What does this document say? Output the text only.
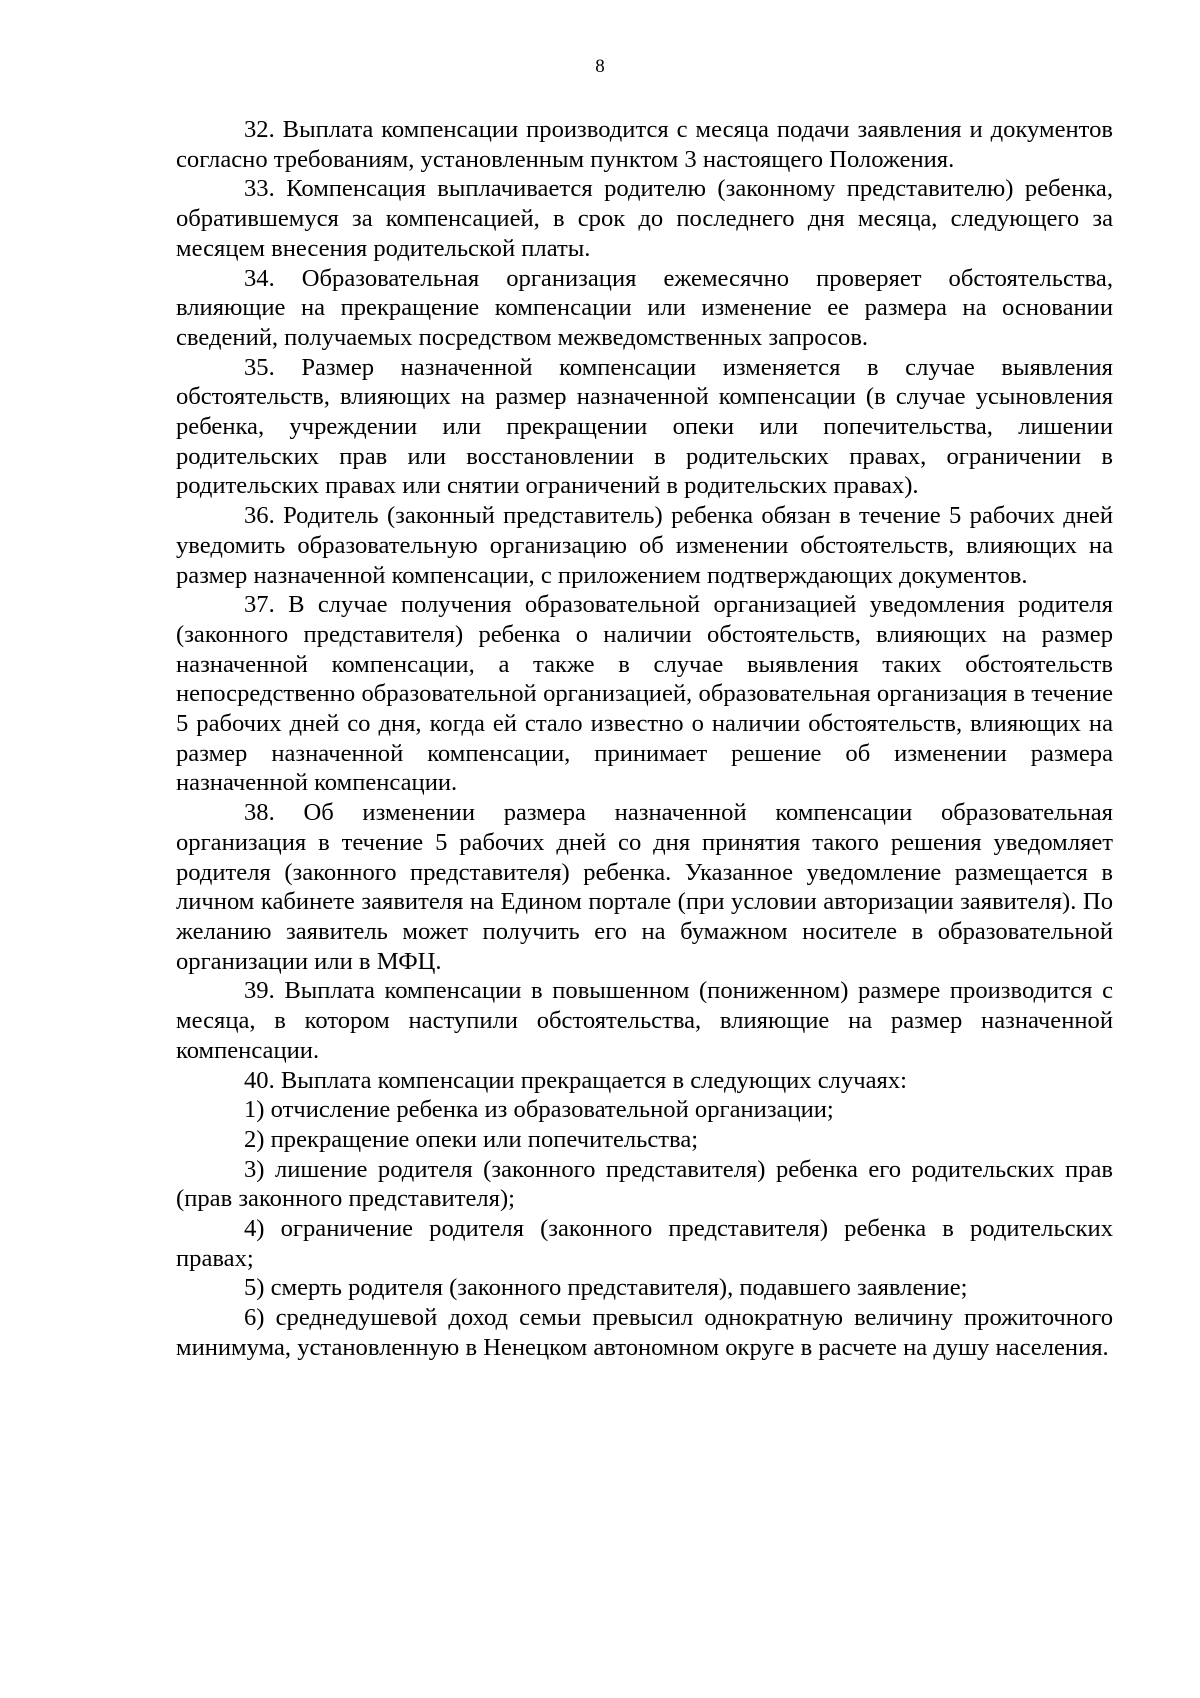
8

32. Выплата компенсации производится с месяца подачи заявления и документов согласно требованиям, установленным пунктом 3 настоящего Положения.

33. Компенсация выплачивается родителю (законному представителю) ребенка, обратившемуся за компенсацией, в срок до последнего дня месяца, следующего за месяцем внесения родительской платы.

34. Образовательная организация ежемесячно проверяет обстоятельства, влияющие на прекращение компенсации или изменение ее размера на основании сведений, получаемых посредством межведомственных запросов.

35. Размер назначенной компенсации изменяется в случае выявления обстоятельств, влияющих на размер назначенной компенсации (в случае усыновления ребенка, учреждении или прекращении опеки или попечительства, лишении родительских прав или восстановлении в родительских правах, ограничении в родительских правах или снятии ограничений в родительских правах).

36. Родитель (законный представитель) ребенка обязан в течение 5 рабочих дней уведомить образовательную организацию об изменении обстоятельств, влияющих на размер назначенной компенсации, с приложением подтверждающих документов.

37. В случае получения образовательной организацией уведомления родителя (законного представителя) ребенка о наличии обстоятельств, влияющих на размер назначенной компенсации, а также в случае выявления таких обстоятельств непосредственно образовательной организацией, образовательная организация в течение 5 рабочих дней со дня, когда ей стало известно о наличии обстоятельств, влияющих на размер назначенной компенсации, принимает решение об изменении размера назначенной компенсации.

38. Об изменении размера назначенной компенсации образовательная организация в течение 5 рабочих дней со дня принятия такого решения уведомляет родителя (законного представителя) ребенка. Указанное уведомление размещается в личном кабинете заявителя на Едином портале (при условии авторизации заявителя). По желанию заявитель может получить его на бумажном носителе в образовательной организации или в МФЦ.

39. Выплата компенсации в повышенном (пониженном) размере производится с месяца, в котором наступили обстоятельства, влияющие на размер назначенной компенсации.

40. Выплата компенсации прекращается в следующих случаях:

1) отчисление ребенка из образовательной организации;

2) прекращение опеки или попечительства;

3) лишение родителя (законного представителя) ребенка его родительских прав (прав законного представителя);

4) ограничение родителя (законного представителя) ребенка в родительских правах;

5) смерть родителя (законного представителя), подавшего заявление;

6) среднедушевой доход семьи превысил однократную величину прожиточного минимума, установленную в Ненецком автономном округе в расчете на душу населения.
